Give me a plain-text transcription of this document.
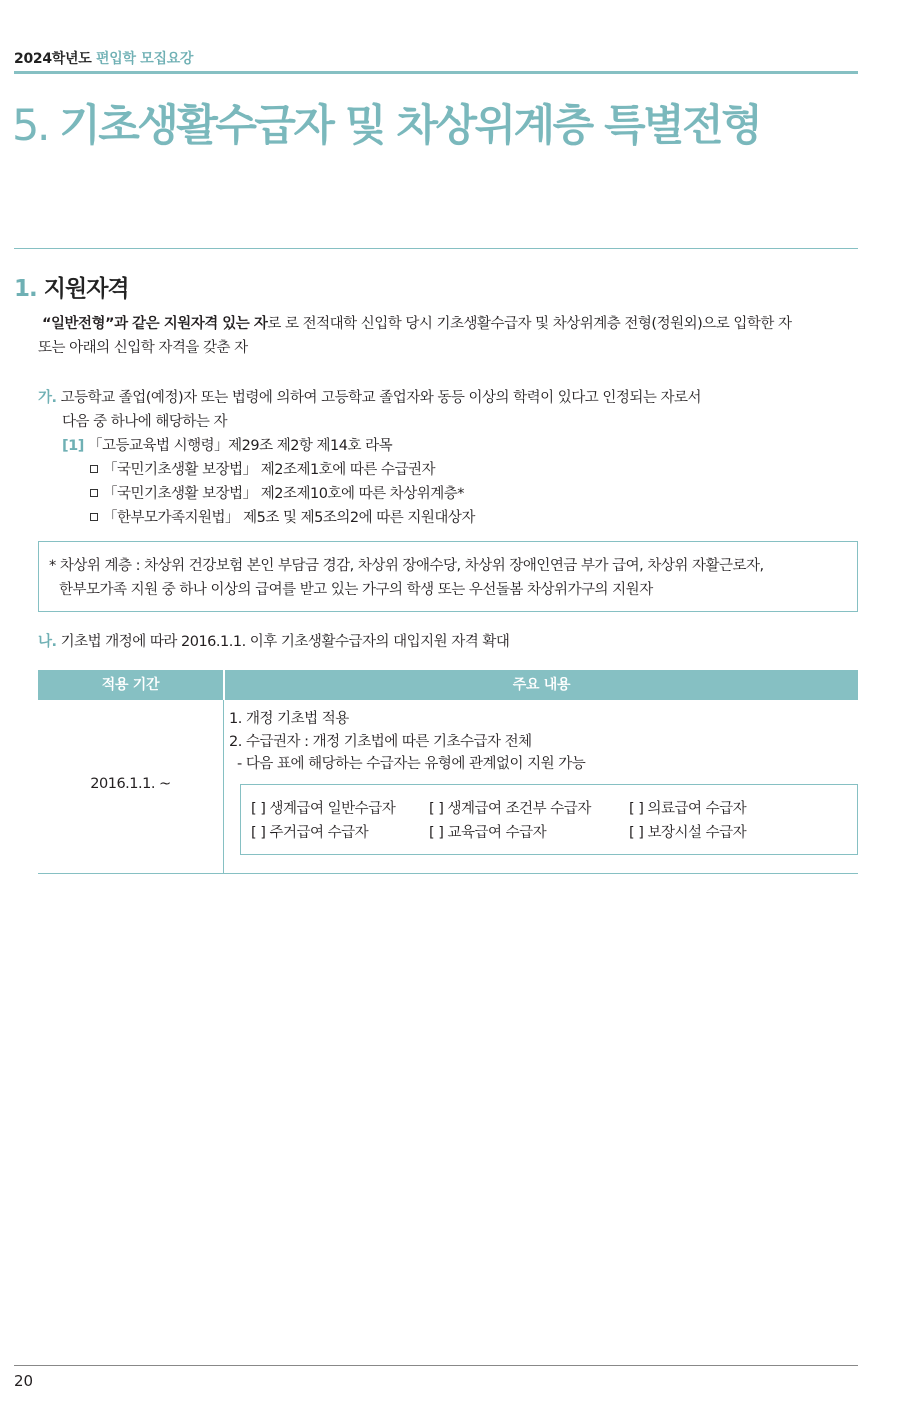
2024학년도 편입학 모집요강
5. 기초생활수급자 및 차상위계층 특별전형
1. 지원자격
“일반전형”과 같은 지원자격 있는 자로 로 전적대학 신입학 당시 기초생활수급자 및 차상위계층 전형(정원외)으로 입학한 자
또는 아래의 신입학 자격을 갖춘 자
가. 고등학교 졸업(예정)자 또는 법령에 의하여 고등학교 졸업자와 동등 이상의 학력이 있다고 인정되는 자로서
다음 중 하나에 해당하는 자
[1] 「고등교육법 시행령」제29조 제2항 제14호 라목
「국민기초생활 보장법」 제2조제1호에 따른 수급권자
「국민기초생활 보장법」 제2조제10호에 따른 차상위계층*
「한부모가족지원법」 제5조 및 제5조의2에 따른 지원대상자
* 차상위 계층 : 차상위 건강보험 본인 부담금 경감, 차상위 장애수당, 차상위 장애인연금 부가 급여, 차상위 자활근로자,
한부모가족 지원 중 하나 이상의 급여를 받고 있는 가구의 학생 또는 우선돌봄 차상위가구의 지원자
나. 기초법 개정에 따라 2016.1.1. 이후 기초생활수급자의 대입지원 자격 확대
적용 기간	주요 내용
2016.1.1. ~
1. 개정 기초법 적용
2. 수급권자 : 개정 기초법에 따른 기초수급자 전체
- 다음 표에 해당하는 수급자는 유형에 관계없이 지원 가능
[ ] 생계급여 일반수급자 [ ] 생계급여 조건부 수급자	[ ] 의료급여 수급자
[ ] 주거급여 수급자	[ ] 교육급여 수급자	[ ] 보장시설 수급자
20
